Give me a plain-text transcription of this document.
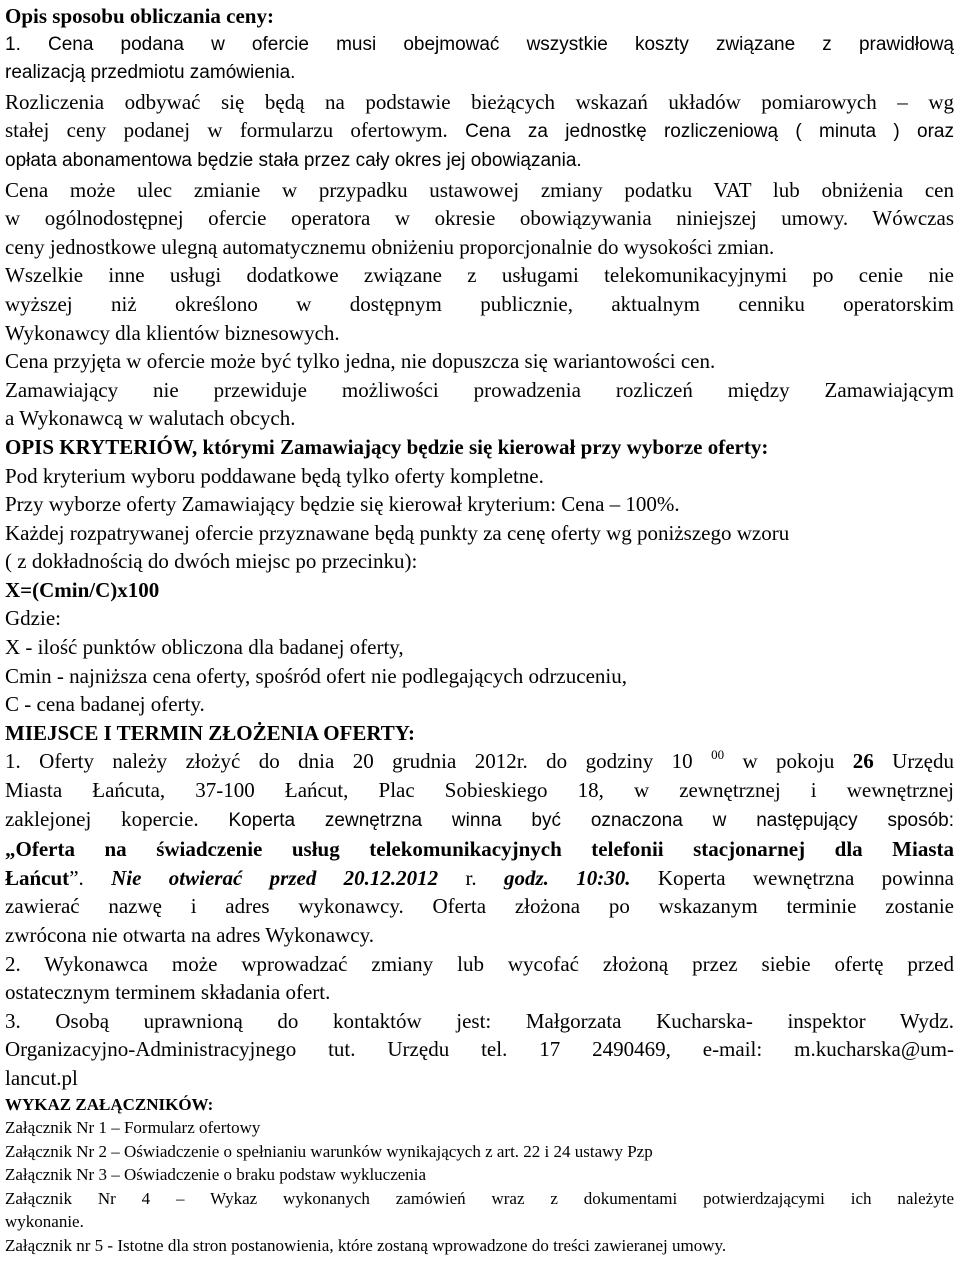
Opis sposobu obliczania ceny:
1. Cena podana w ofercie musi obejmować wszystkie koszty związane z prawidłową
realizacją przedmiotu zamówienia.
Rozliczenia odbywać się będą na podstawie bieżących wskazań układów pomiarowych – wg
stałej ceny podanej w formularzu ofertowym. Cena za jednostkę rozliczeniową ( minuta ) oraz
opłata abonamentowa będzie stała przez cały okres jej obowiązania.
Cena może ulec zmianie w przypadku ustawowej zmiany podatku VAT lub obniżenia cen
w ogólnodostępnej ofercie operatora w okresie obowiązywania niniejszej umowy. Wówczas
ceny jednostkowe ulegną automatycznemu obniżeniu proporcjonalnie do wysokości zmian.
Wszelkie inne usługi dodatkowe związane z usługami telekomunikacyjnymi po cenie nie
wyższej niż określono w dostępnym publicznie, aktualnym cenniku operatorskim
Wykonawcy dla klientów biznesowych.
Cena przyjęta w ofercie może być tylko jedna, nie dopuszcza się wariantowości cen.
Zamawiający nie przewiduje możliwości prowadzenia rozliczeń między Zamawiającym
a Wykonawcą w walutach obcych.
OPIS KRYTERIÓW, którymi Zamawiający będzie się kierował przy wyborze oferty:
Pod kryterium wyboru poddawane będą tylko oferty kompletne.
Przy wyborze oferty Zamawiający będzie się kierował kryterium: Cena – 100%.
Każdej rozpatrywanej ofercie przyznawane będą punkty za cenę oferty wg poniższego wzoru
( z dokładnością do dwóch miejsc po przecinku):
X=(Cmin/C)x100
Gdzie:
X - ilość punktów obliczona dla badanej oferty,
Cmin - najniższa cena oferty, spośród ofert nie podlegających odrzuceniu,
C - cena badanej oferty.
MIEJSCE I TERMIN ZŁOŻENIA OFERTY:
1. Oferty należy złożyć do dnia 20 grudnia 2012r. do godziny 10 $^{00}$ w pokoju 26 Urzędu
Miasta Łańcuta, 37-100 Łańcut, Plac Sobieskiego 18, w zewnętrznej i wewnętrznej
zaklejonej kopercie. Koperta zewnętrzna winna być oznaczona w następujący sposób:
„Oferta na świadczenie usług telekomunikacyjnych telefonii stacjonarnej dla Miasta
Łańcut”. Nie otwierać przed 20.12.2012 r. godz. 10:30. Koperta wewnętrzna powinna
zawierać nazwę i adres wykonawcy. Oferta złożona po wskazanym terminie zostanie
zwrócona nie otwarta na adres Wykonawcy.
2. Wykonawca może wprowadzać zmiany lub wycofać złożoną przez siebie ofertę przed
ostatecznym terminem składania ofert.
3. Osobą uprawnioną do kontaktów jest: Małgorzata Kucharska- inspektor Wydz.
Organizacyjno-Administracyjnego tut. Urzędu tel. 17 2490469, e-mail: m.kucharska@um-
lancut.pl
WYKAZ ZAŁĄCZNIKÓW:
Załącznik Nr 1 – Formularz ofertowy
Załącznik Nr 2 – Oświadczenie o spełnianiu warunków wynikających z art. 22 i 24 ustawy Pzp
Załącznik Nr 3 – Oświadczenie o braku podstaw wykluczenia
Załącznik Nr 4 – Wykaz wykonanych zamówień wraz z dokumentami potwierdzającymi ich należyte
wykonanie.
Załącznik nr 5 - Istotne dla stron postanowienia, które zostaną wprowadzone do treści zawieranej umowy.
